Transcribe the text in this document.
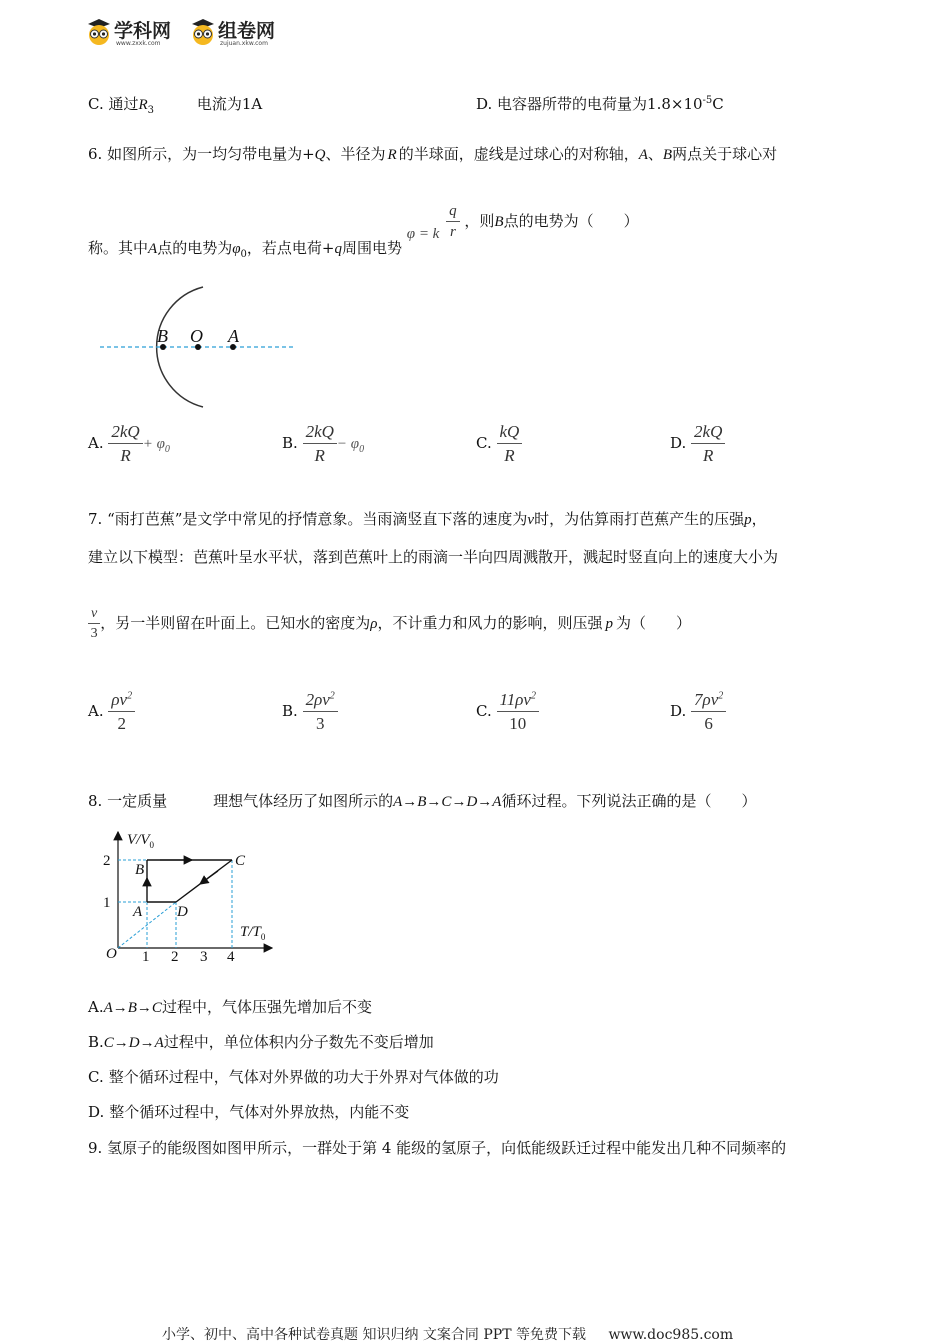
学科网
www.zxxk.com
组卷网
zujuan.xkw.com
C. 通过$R_3$	电流为1A	D. 电容器所带的电荷量为$1.8\times 10^{-5}C$
6. 如图所示，为一均匀带电量为+Q、半径为 R 的半球面，虚线是过球心的对称轴，A、B两点关于球心对
称。其中A点的电势为$\varphi_0$，若点电荷+q周围电势 φ = k $\frac{q}{r}$ ，则B点的电势为（　　）
B O A
A. $\frac{2kQ}{R} + \varphi_0$	B. $\frac{2kQ}{R} - \varphi_0$	C. $\frac{kQ}{R}$	D. $\frac{2kQ}{R}$
7. “雨打芭蕉”是文学中常见的抒情意象。当雨滴竖直下落的速度为v时，为估算雨打芭蕉产生的压强p，
建立以下模型：芭蕉叶呈水平状，落到芭蕉叶上的雨滴一半向四周溅散开，溅起时竖直向上的速度大小为
$\frac{v}{3}$ ，另一半则留在叶面上。已知水的密度为ρ，不计重力和风力的影响，则压强 p 为（　　）
A. $\frac{\rho v^2}{2}$	B. $\frac{2\rho v^2}{3}$	C. $\frac{11\rho v^2}{10}$	D. $\frac{7\rho v^2}{6}$
8. 一定质量	理想气体经历了如图所示的A→B→C→D→A循环过程。下列说法正确的是（　　）
$V/V_0$
$T/T_0$
O
2
1
1 2 3 4
A
B
C
D
A.A→B→C过程中，气体压强先增加后不变
B.C→D→A过程中，单位体积内分子数先不变后增加
C. 整个循环过程中，气体对外界做的功大于外界对气体做的功
D. 整个循环过程中，气体对外界放热，内能不变
9. 氢原子的能级图如图甲所示，一群处于第 4 能级的氢原子，向低能级跃迁过程中能发出几种不同频率的
小学、初中、高中各种试卷真题 知识归纳 文案合同 PPT 等免费下载 www.doc985.com
